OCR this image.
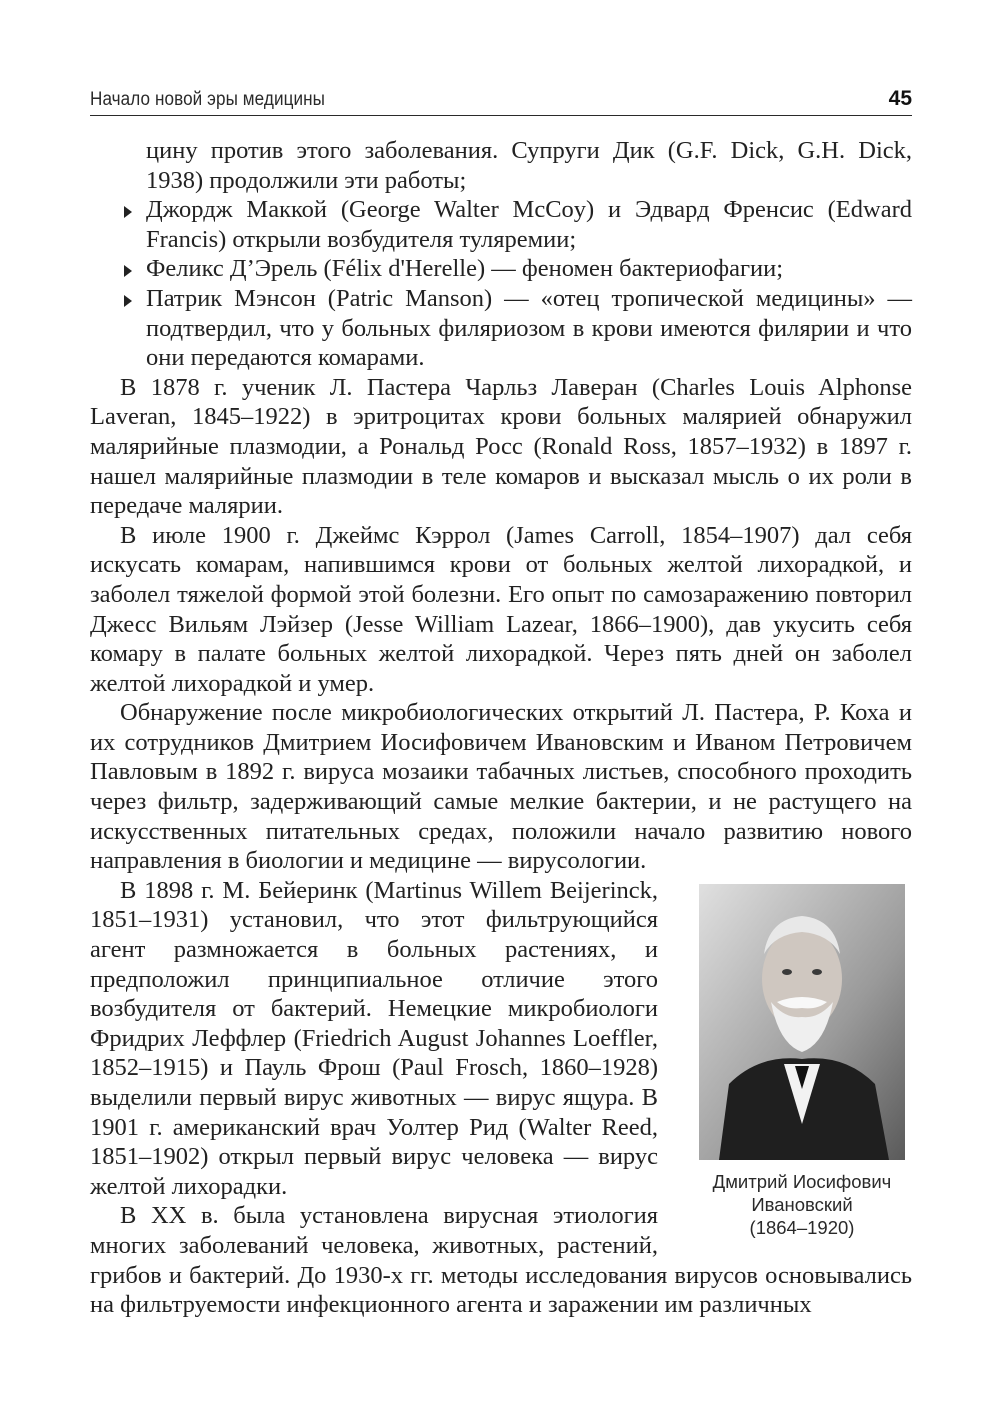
Начало новой эры медицины	45

цину против этого заболевания. Супруги Дик (G.F. Dick, G.H. Dick, 1938) продолжили эти работы;

Джордж Маккой (George Walter McCoy) и Эдвард Френсис (Edward Francis) открыли возбудителя туляремии;
Феликс Д’Эрель (Félix d'Herelle) — феномен бактериофагии;
Патрик Мэнсон (Patric Manson) — «отец тропической медицины» — подтвердил, что у больных филяриозом в крови имеются филярии и что они передаются комарами.

В 1878 г. ученик Л. Пастера Чарльз Лаверан (Charles Louis Alphonse Laveran, 1845–1922) в эритроцитах крови больных малярией обнаружил малярийные плазмодии, а Рональд Росс (Ronald Ross, 1857–1932) в 1897 г. нашел малярийные плазмодии в теле комаров и высказал мысль о их роли в передаче малярии.

В июле 1900 г. Джеймс Кэррол (James Carroll, 1854–1907) дал себя искусать комарам, напившимся крови от больных желтой лихорадкой, и заболел тяжелой формой этой болезни. Его опыт по самозаражению повторил Джесс Вильям Лэйзер (Jesse William Lazear, 1866–1900), дав укусить себя комару в палате больных желтой лихорадкой. Через пять дней он заболел желтой лихорадкой и умер.

Обнаружение после микробиологических открытий Л. Пастера, Р. Коха и их сотрудников Дмитрием Иосифовичем Ивановским и Иваном Петровичем Павловым в 1892 г. вируса мозаики табачных листьев, способного проходить через фильтр, задерживающий самые мелкие бактерии, и не растущего на искусственных питательных средах, положили начало развитию нового направления в биологии и медицине — вирусологии.

Дмитрий Иосифович
Ивановский
(1864–1920)

В 1898 г. М. Бейеринк (Martinus Willem Beijerinck, 1851–1931) установил, что этот фильтрующийся агент размножается в больных растениях, и предположил принципиальное отличие этого возбудителя от бактерий. Немецкие микробиологи Фридрих Леффлер (Friedrich August Johannes Loeffler, 1852–1915) и Пауль Фрош (Paul Frosch, 1860–1928) выделили первый вирус животных — вирус ящура. В 1901 г. американский врач Уолтер Рид (Walter Reed, 1851–1902) открыл первый вирус человека — вирус желтой лихорадки.

В XX в. была установлена вирусная этиология многих заболеваний человека, животных, растений, грибов и бактерий. До 1930-х гг. методы исследования вирусов основывались на фильтруемости инфекционного агента и заражении им различных
